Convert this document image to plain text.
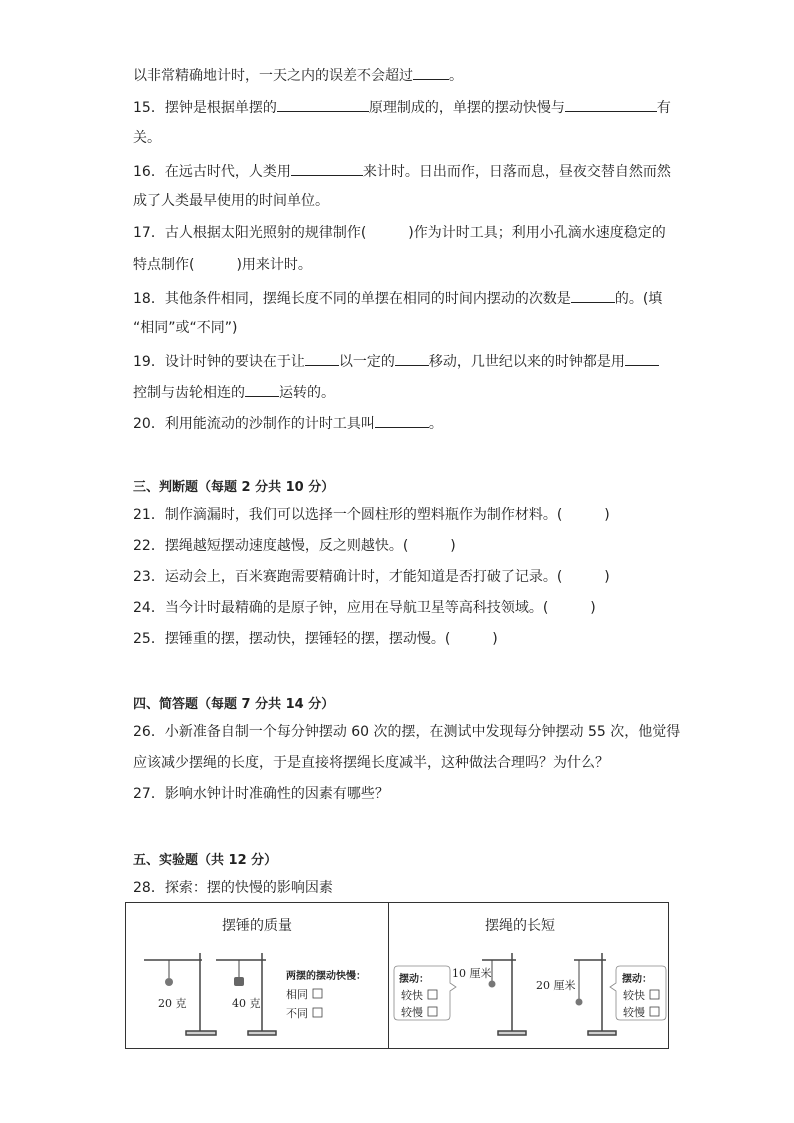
以非常精确地计时，一天之内的误差不会超过	。
15．摆钟是根据单摆的	原理制成的，单摆的摆动快慢与	有
关。
16．在远古时代，人类用	来计时。日出而作，日落而息，昼夜交替自然而然
成了人类最早使用的时间单位。
17．古人根据太阳光照射的规律制作(　　　	)作为计时工具；利用小孔滴水速度稳定的
特点制作(　　　	)用来计时。
18．其他条件相同，摆绳长度不同的单摆在相同的时间内摆动的次数是	的。(填
“相同”或“不同”)
19．设计时钟的要诀在于让 以一定的 移动，几世纪以来的时钟都是用
控制与齿轮相连的 运转的。
20．利用能流动的沙制作的计时工具叫	。
三、判断题（每题 2 分共 10 分）
21．制作滴漏时，我们可以选择一个圆柱形的塑料瓶作为制作材料。(　　　)
22．摆绳越短摆动速度越慢，反之则越快。(　　　)
23．运动会上，百米赛跑需要精确计时，才能知道是否打破了记录。(　　　)
24．当今计时最精确的是原子钟，应用在导航卫星等高科技领域。(　　　)
25．摆锤重的摆，摆动快，摆锤轻的摆，摆动慢。(　　　)
四、简答题（每题 7 分共 14 分）
26．小新准备自制一个每分钟摆动 60 次的摆，在测试中发现每分钟摆动 55 次，他觉得
应该减少摆绳的长度，于是直接将摆绳长度减半，这种做法合理吗？为什么？
27．影响水钟计时准确性的因素有哪些？
五、实验题（共 12 分）
28．探索：摆的快慢的影响因素
摆锤的质量	摆绳的长短
20 克	40 克
两摆的摆动快慢：
相同
不同
摆动：
较快
较慢
10 厘米
20 厘米	摆动：
较快
较慢
